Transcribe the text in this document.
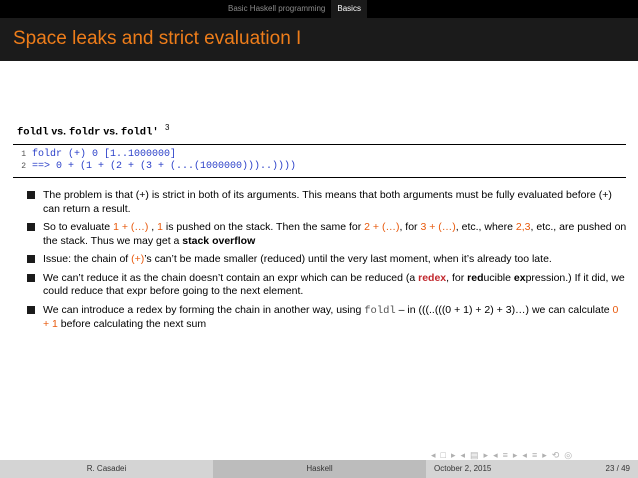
Basic Haskell programming	Basics
Space leaks and strict evaluation I
foldl vs. foldr vs. foldl' $^3$
1 foldr (+) 0 [1..1000000]
2 ==> 0 + (1 + (2 + (3 + (...(1000000)))..))))
The problem is that (+) is strict in both of its arguments. This means that both arguments must be fully evaluated before (+) can return a result.
So to evaluate 1 + (…) , 1 is pushed on the stack. Then the same for 2 + (…), for 3 + (…), etc., where 2,3, etc., are pushed on the stack. Thus we may get a stack overflow
Issue: the chain of (+)’s can’t be made smaller (reduced) until the very last moment, when it’s already too late.
We can’t reduce it as the chain doesn’t contain an expr which can be reduced (a redex, for reducible expression.) If it did, we could reduce that expr before going to the next element.
We can introduce a redex by forming the chain in another way, using foldl – in (((..(((0 + 1) + 2) + 3)…) we can calculate 0 + 1 before calculating the next sum
◂ □ ▸ ◂ ▤ ▸ ◂ ≡ ▸ ◂ ≡ ▸ ⟲ ◎
R. Casadei	Haskell	October 2, 2015	23 / 49
